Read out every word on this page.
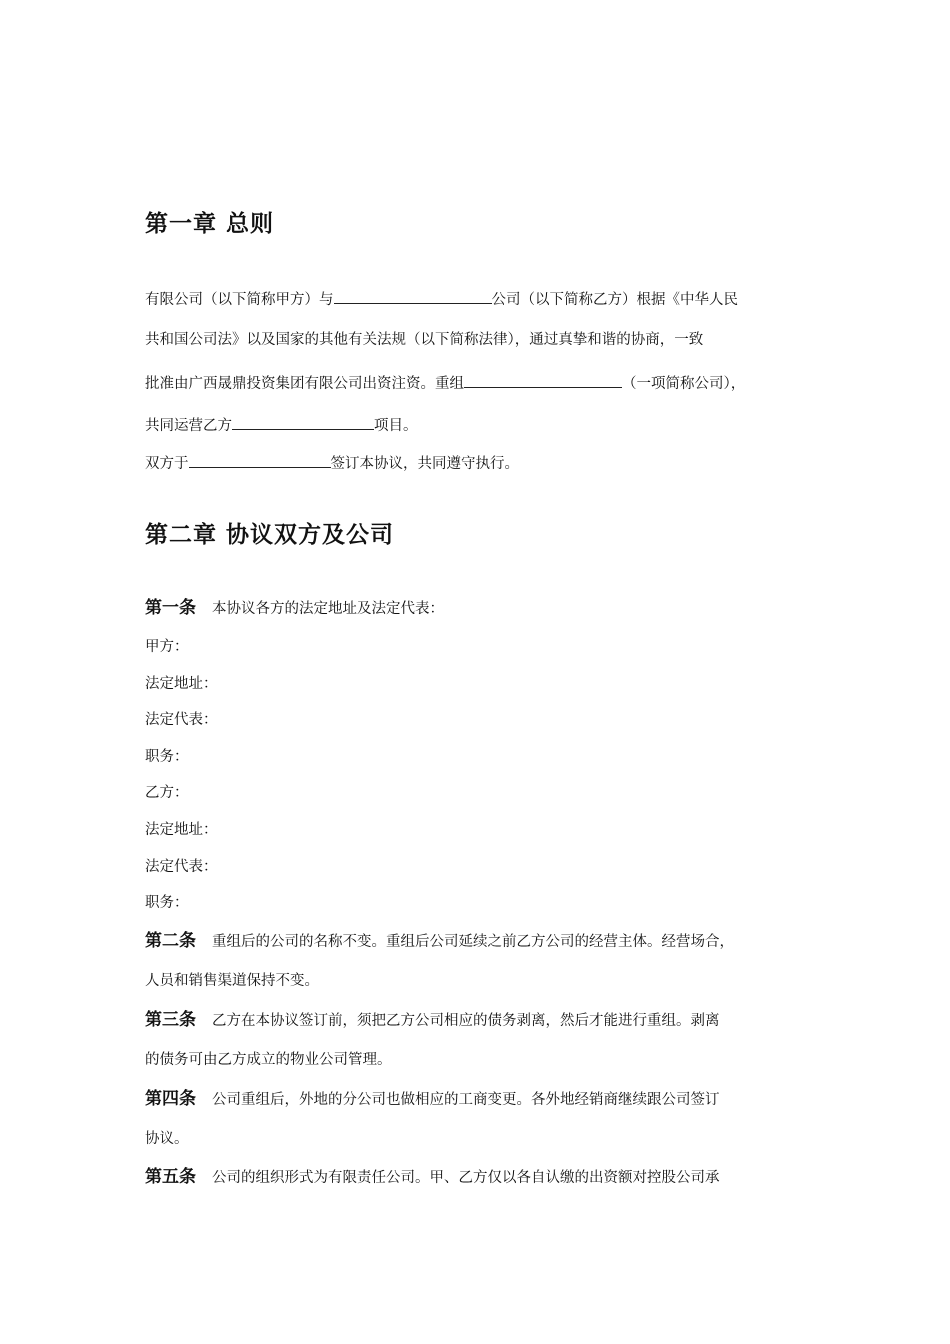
第一章 总则
有限公司（以下简称甲方）与	公司（以下简称乙方）根据《中华人民
共和国公司法》以及国家的其他有关法规（以下简称法律），通过真挚和谐的协商，一致
批准由广西晟鼎投资集团有限公司出资注资。重组	（一项简称公司），
共同运营乙方	项目。
双方于	签订本协议，共同遵守执行。
第二章 协议双方及公司
第一条 本协议各方的法定地址及法定代表：
甲方：
法定地址：
法定代表：
职务：
乙方：
法定地址：
法定代表：
职务：
第二条 重组后的公司的名称不变。重组后公司延续之前乙方公司的经营主体。经营场合，
人员和销售渠道保持不变。
第三条 乙方在本协议签订前，须把乙方公司相应的债务剥离，然后才能进行重组。剥离
的债务可由乙方成立的物业公司管理。
第四条 公司重组后，外地的分公司也做相应的工商变更。各外地经销商继续跟公司签订
协议。
第五条 公司的组织形式为有限责任公司。甲、乙方仅以各自认缴的出资额对控股公司承
